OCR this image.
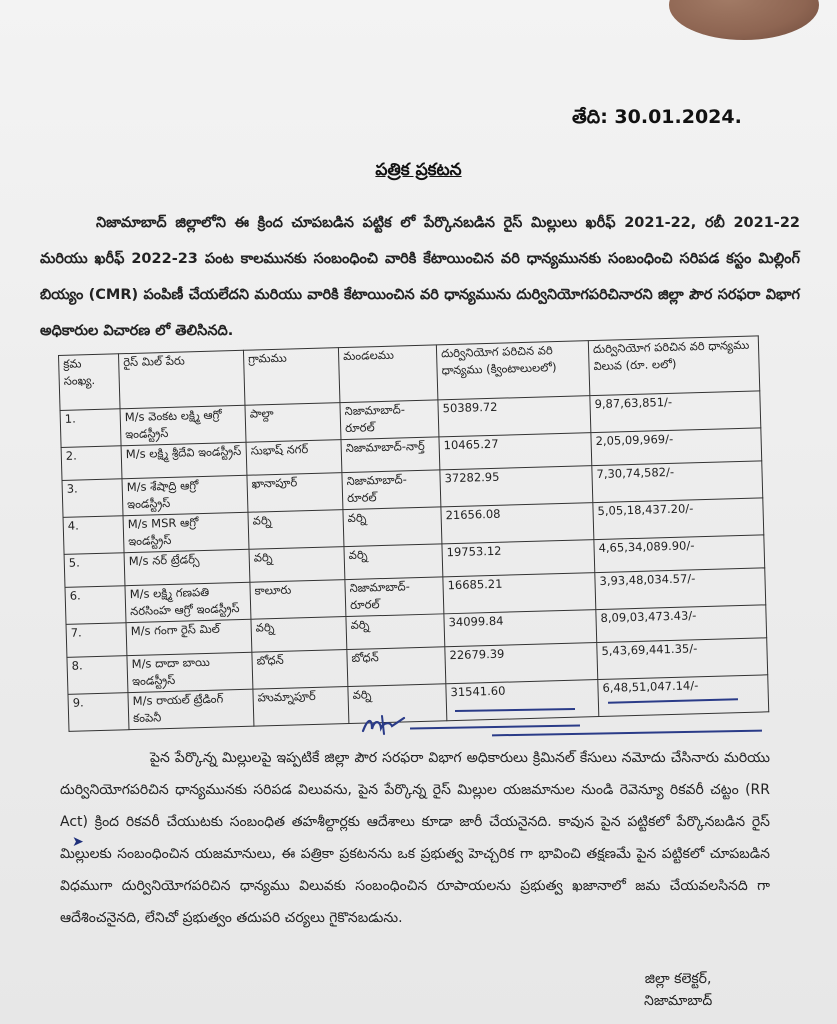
తేది: 30.01.2024.
పత్రిక ప్రకటన
నిజామాబాద్ జిల్లాలోని ఈ క్రింద చూపబడిన పట్టిక లో పేర్కొనబడిన రైస్ మిల్లులు ఖరీఫ్ 2021-22, రబీ 2021-22 మరియు ఖరీఫ్ 2022-23 పంట కాలమునకు సంబంధించి వారికి కేటాయించిన వరి ధాన్యమునకు సంబంధించి సరిపడ కస్టం మిల్లింగ్ బియ్యం (CMR) పంపిణీ చేయలేదని మరియు వారికి కేటాయించిన వరి ధాన్యమును దుర్వినియోగపరిచినారని జిల్లా పౌర సరఫరా విభాగ అధికారుల విచారణ లో తెలిసినది.
క్రమ సంఖ్య.	రైస్ మిల్ పేరు	గ్రామము	మండలము	దుర్వినియోగ పరిచిన వరి ధాన్యము (క్వింటాలులలో)	దుర్వినియోగ పరిచిన వరి ధాన్యము విలువ (రూ. లలో)
1.	M/s వెంకట లక్ష్మి ఆగ్రో ఇండస్ట్రీస్	పాల్దా	నిజామాబాద్-రూరల్	50389.72	9,87,63,851/-
2.	M/s లక్ష్మి శ్రీదేవి ఇండస్ట్రీస్	సుభాష్ నగర్	నిజామాబాద్-నార్త్	10465.27	2,05,09,969/-
3.	M/s శేషాద్రి ఆగ్రో ఇండస్ట్రీస్	ఖానాపూర్	నిజామాబాద్-రూరల్	37282.95	7,30,74,582/-
4.	M/s MSR ఆగ్రో ఇండస్ట్రీస్	వర్ని	వర్ని	21656.08	5,05,18,437.20/-
5.	M/s నర్ ట్రేడర్స్	వర్ని	వర్ని	19753.12	4,65,34,089.90/-
6.	M/s లక్ష్మి గణపతి నరసింహ ఆగ్రో ఇండస్ట్రీస్	కాలూరు	నిజామాబాద్-రూరల్	16685.21	3,93,48,034.57/-
7.	M/s గంగా రైస్ మిల్	వర్ని	వర్ని	34099.84	8,09,03,473.43/-
8.	M/s దాదా బాయి ఇండస్ట్రీస్	బోధన్	బోధన్	22679.39	5,43,69,441.35/-
9.	M/s రాయల్ ట్రేడింగ్ కంపెనీ	హుమ్నాపూర్	వర్ని	31541.60	6,48,51,047.14/-
➤
పైన పేర్కొన్న మిల్లులపై ఇప్పటికే జిల్లా పౌర సరఫరా విభాగ అధికారులు క్రిమినల్ కేసులు నమోదు చేసినారు మరియు దుర్వినియోగపరిచిన ధాన్యమునకు సరిపడ విలువను, పైన పేర్కొన్న రైస్ మిల్లుల యజమానుల నుండి రెవెన్యూ రికవరీ చట్టం (RR Act) క్రింద రికవరీ చేయుటకు సంబంధిత తహశీల్దార్లకు ఆదేశాలు కూడా జారీ చేయనైనది. కావున పైన పట్టికలో పేర్కొనబడిన రైస్ మిల్లులకు సంబంధించిన యజమానులు, ఈ పత్రికా ప్రకటనను ఒక ప్రభుత్వ హెచ్చరిక గా భావించి తక్షణమే పైన పట్టికలో చూపబడిన విధముగా దుర్వినియోగపరిచిన ధాన్యము విలువకు సంబంధించిన రూపాయలను ప్రభుత్వ ఖజానాలో జమ చేయవలసినది గా ఆదేశించనైనది, లేనిచో ప్రభుత్వం తదుపరి చర్యలు గైకొనబడును.
జిల్లా కలెక్టర్,
నిజామాబాద్
